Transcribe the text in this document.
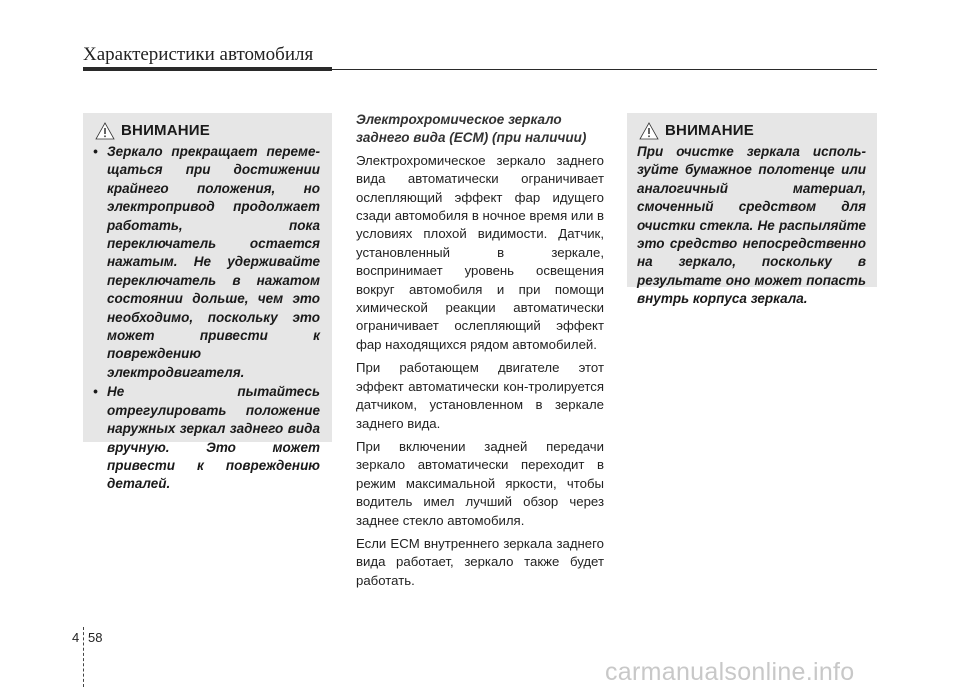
Характеристики автомобиля
ВНИМАНИЕ
• Зеркало прекращает переме-щаться при достижении крайнего положения, но электропривод продолжает работать, пока переключатель остается нажатым. Не удерживайте переключатель в нажатом состоянии дольше, чем это необходимо, поскольку это может привести к повреждению электродвигателя.
• Не пытайтесь отрегулировать положение наружных зеркал заднего вида вручную. Это может привести к повреждению деталей.
Электрохромическое зеркало заднего вида (ECM) (при наличии)

Электрохромическое зеркало заднего вида автоматически ограничивает ослепляющий эффект фар идущего сзади автомобиля в ночное время или в условиях плохой видимости. Датчик, установленный в зеркале, воспринимает уровень освещения вокруг автомобиля и при помощи химической реакции автоматически ограничивает ослепляющий эффект фар находящихся рядом автомобилей.

При работающем двигателе этот эффект автоматически кон-тролируется датчиком, установленном в зеркале заднего вида.

При включении задней передачи зеркало автоматически переходит в режим максимальной яркости, чтобы водитель имел лучший обзор через заднее стекло автомобиля.

Если ECM внутреннего зеркала заднего вида работает, зеркало также будет работать.

ВНИМАНИЕ
При очистке зеркала исполь-зуйте бумажное полотенце или аналогичный материал, смоченный средством для очистки стекла. Не распыляйте это средство непосредственно на зеркало, поскольку в результате оно может попасть внутрь корпуса зеркала.
4 58
carmanualsonline.info
